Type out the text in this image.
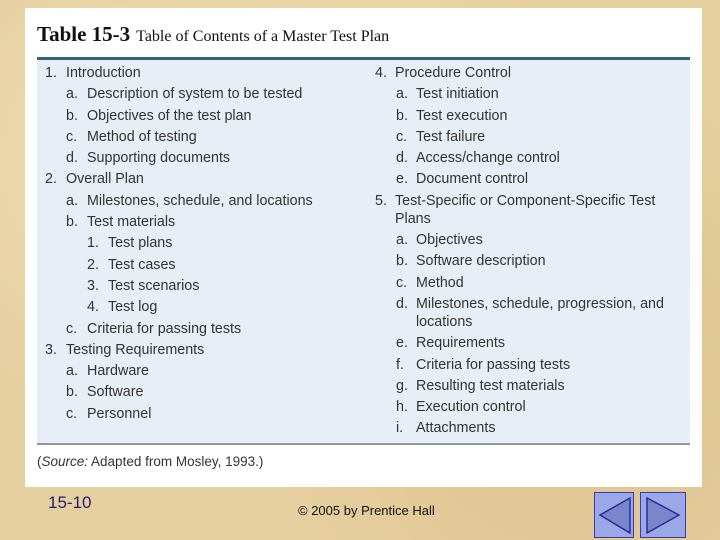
Table 15-3 Table of Contents of a Master Test Plan
1. Introduction
a. Description of system to be tested
b. Objectives of the test plan
c. Method of testing
d. Supporting documents
2. Overall Plan
a. Milestones, schedule, and locations
b. Test materials
1. Test plans
2. Test cases
3. Test scenarios
4. Test log
c. Criteria for passing tests
3. Testing Requirements
a. Hardware
b. Software
c. Personnel
4. Procedure Control
a. Test initiation
b. Test execution
c. Test failure
d. Access/change control
e. Document control
5. Test-Specific or Component-Specific Test Plans
a. Objectives
b. Software description
c. Method
d. Milestones, schedule, progression, and locations
e. Requirements
f. Criteria for passing tests
g. Resulting test materials
h. Execution control
i. Attachments
(Source: Adapted from Mosley, 1993.)
15-10	© 2005 by Prentice Hall
